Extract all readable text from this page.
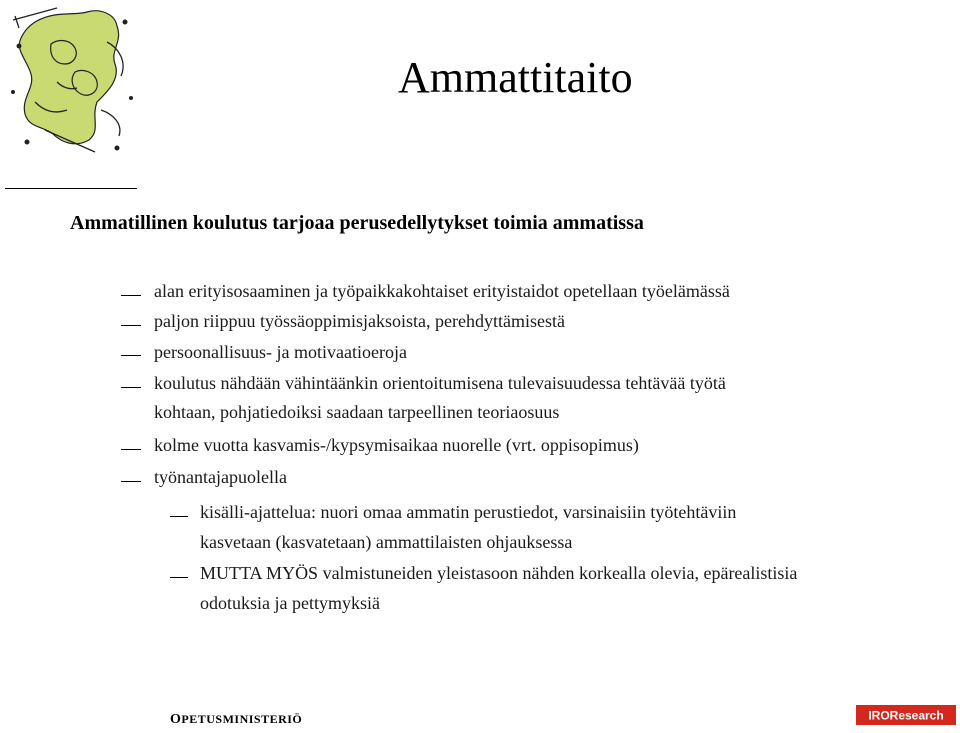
Ammattitaito
Ammatillinen koulutus tarjoaa perusedellytykset toimia ammatissa
alan erityisosaaminen ja työpaikkakohtaiset erityistaidot opetellaan työelämässä
paljon riippuu työssäoppimisjaksoista, perehdyttämisestä
persoonallisuus- ja motivaatioeroja
koulutus nähdään vähintäänkin orientoitumisena tulevaisuudessa tehtävää työtä
kohtaan, pohjatiedoiksi saadaan tarpeellinen teoriaosuus
kolme vuotta kasvamis-/kypsymisaikaa nuorelle (vrt. oppisopimus)
työnantajapuolella
kisälli-ajattelua: nuori omaa ammatin perustiedot, varsinaisiin työtehtäviin
kasvetaan (kasvatetaan) ammattilaisten ohjauksessa
MUTTA MYÖS valmistuneiden yleistasoon nähden korkealla olevia, epärealistisia
odotuksia ja pettymyksiä
OPETUSMINISTERIÖ	IROResearch
